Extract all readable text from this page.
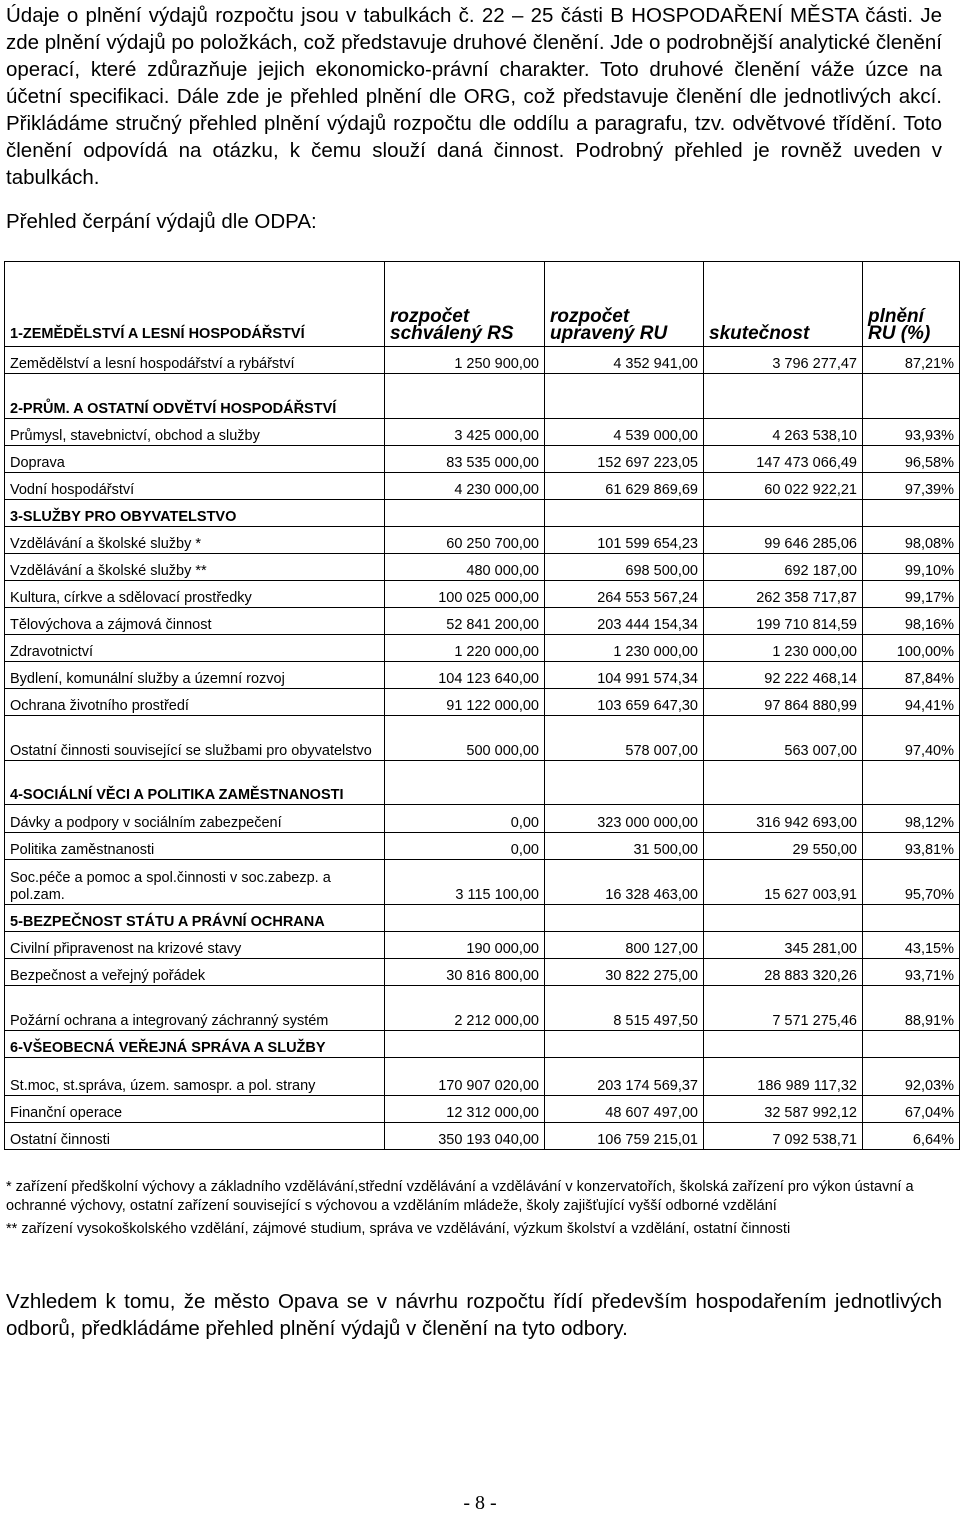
Údaje o plnění výdajů rozpočtu jsou v tabulkách č. 22 – 25 části B HOSPODAŘENÍ MĚSTA části. Je zde plnění výdajů po položkách, což představuje druhové členění. Jde o podrobnější analytické členění operací, které zdůrazňuje jejich ekonomicko-právní charakter. Toto druhové členění váže úzce na účetní specifikaci. Dále zde je přehled plnění dle ORG, což představuje členění dle jednotlivých akcí. Přikládáme stručný přehled plnění výdajů rozpočtu dle oddílu a paragrafu, tzv. odvětvové třídění. Toto členění odpovídá na otázku, k čemu slouží daná činnost. Podrobný přehled je rovněž uveden v tabulkách.

Přehled čerpání výdajů dle ODPA:
1-ZEMĚDĚLSTVÍ A LESNÍ HOSPODÁŘSTVÍ	rozpočet schválený RS	rozpočet upravený RU	skutečnost	plnění RU (%)
Zemědělství a lesní hospodářství a rybářství	1 250 900,00	4 352 941,00	3 796 277,47	87,21%
2-PRŮM. A OSTATNÍ ODVĚTVÍ HOSPODÁŘSTVÍ				
Průmysl, stavebnictví, obchod a služby	3 425 000,00	4 539 000,00	4 263 538,10	93,93%
Doprava	83 535 000,00	152 697 223,05	147 473 066,49	96,58%
Vodní hospodářství	4 230 000,00	61 629 869,69	60 022 922,21	97,39%
3-SLUŽBY PRO OBYVATELSTVO				
Vzdělávání a školské služby *	60 250 700,00	101 599 654,23	99 646 285,06	98,08%
Vzdělávání a školské služby **	480 000,00	698 500,00	692 187,00	99,10%
Kultura, církve a sdělovací prostředky	100 025 000,00	264 553 567,24	262 358 717,87	99,17%
Tělovýchova a zájmová činnost	52 841 200,00	203 444 154,34	199 710 814,59	98,16%
Zdravotnictví	1 220 000,00	1 230 000,00	1 230 000,00	100,00%
Bydlení, komunální služby a územní rozvoj	104 123 640,00	104 991 574,34	92 222 468,14	87,84%
Ochrana životního prostředí	91 122 000,00	103 659 647,30	97 864 880,99	94,41%
Ostatní činnosti související se službami pro obyvatelstvo	500 000,00	578 007,00	563 007,00	97,40%
4-SOCIÁLNÍ VĚCI A POLITIKA ZAMĚSTNANOSTI				
Dávky a podpory v sociálním zabezpečení	0,00	323 000 000,00	316 942 693,00	98,12%
Politika zaměstnanosti	0,00	31 500,00	29 550,00	93,81%
Soc.péče a pomoc a spol.činnosti v soc.zabezp. a pol.zam.	3 115 100,00	16 328 463,00	15 627 003,91	95,70%
5-BEZPEČNOST STÁTU A PRÁVNÍ OCHRANA				
Civilní připravenost na krizové stavy	190 000,00	800 127,00	345 281,00	43,15%
Bezpečnost a veřejný pořádek	30 816 800,00	30 822 275,00	28 883 320,26	93,71%
Požární ochrana a integrovaný záchranný systém	2 212 000,00	8 515 497,50	7 571 275,46	88,91%
6-VŠEOBECNÁ VEŘEJNÁ SPRÁVA A SLUŽBY				
St.moc, st.správa, územ. samospr. a pol. strany	170 907 020,00	203 174 569,37	186 989 117,32	92,03%
Finanční operace	12 312 000,00	48 607 497,00	32 587 992,12	67,04%
Ostatní činnosti	350 193 040,00	106 759 215,01	7 092 538,71	6,64%

* zařízení předškolní výchovy a základního vzdělávání,střední vzdělávání a vzdělávání v konzervatořích, školská zařízení pro výkon ústavní a ochranné výchovy, ostatní zařízení související s výchovou a vzděláním mládeže, školy zajišťující vyšší odborné vzdělání

** zařízení vysokoškolského vzdělání, zájmové studium, správa ve vzdělávání, výzkum školství a vzdělání, ostatní činnosti

Vzhledem k tomu, že město Opava se v návrhu rozpočtu řídí především hospodařením jednotlivých odborů, předkládáme přehled plnění výdajů v členění na tyto odbory.
- 8 -
